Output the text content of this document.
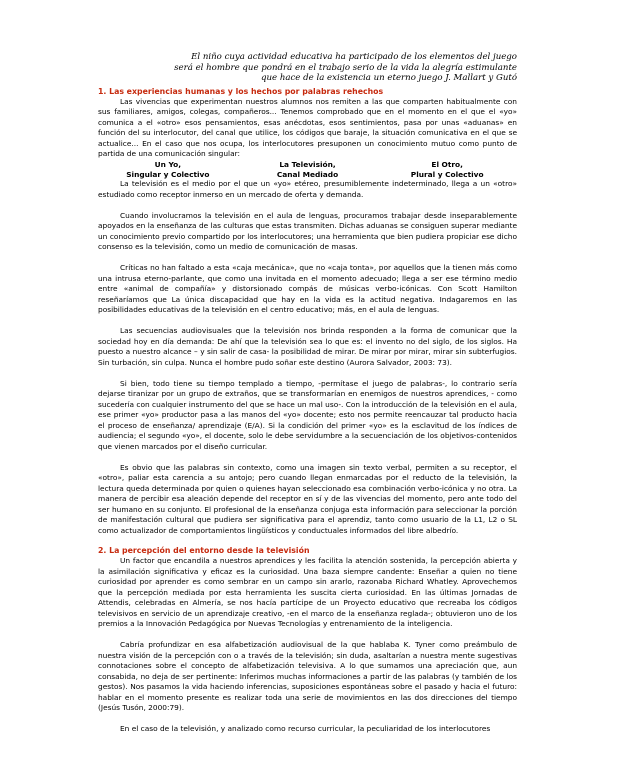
El niño cuya actividad educativa ha participado de los elementos del juego
será el hombre que pondrá en el trabajo serio de la vida la alegría estimulante
que hace de la existencia un eterno juego J. Mallart y Gutó
1. Las experiencias humanas y los hechos por palabras rehechos

Las vivencias que experimentan nuestros alumnos nos remiten a las que comparten habitualmente con sus familiares, amigos, colegas, compañeros... Tenemos comprobado que en el momento en el que el «yo» comunica a el «otro» esos pensamientos, esas anécdotas, esos sentimientos, pasa por unas «aduanas» en función del su interlocutor, del canal que utilice, los códigos que baraje, la situación comunicativa en el que se actualice... En el caso que nos ocupa, los interlocutores presuponen un conocimiento mutuo como punto de partida de una comunicación singular:

Un Yo,	La Televisión,	El Otro,
Singular y Colectivo	Canal Mediado	Plural y Colectivo

La televisión es el medio por el que un «yo» etéreo, presumiblemente indeterminado, llega a un «otro» estudiado como receptor inmerso en un mercado de oferta y demanda.

Cuando involucramos la televisión en el aula de lenguas, procuramos trabajar desde inseparablemente apoyados en la enseñanza de las culturas que estas transmiten. Dichas aduanas se consiguen superar mediante un conocimiento previo compartido por los interlocutores; una herramienta que bien pudiera propiciar ese dicho consenso es la televisión, como un medio de comunicación de masas.

Críticas no han faltado a esta «caja mecánica», que no «caja tonta», por aquellos que la tienen más como una intrusa eterno-parlante, que como una invitada en el momento adecuado; llega a ser ese término medio entre «animal de compañía» y distorsionado compás de músicas verbo-icónicas. Con Scott Hamilton reseñaríamos que La única discapacidad que hay en la vida es la actitud negativa. Indagaremos en las posibilidades educativas de la televisión en el centro educativo; más, en el aula de lenguas.

Las secuencias audiovisuales que la televisión nos brinda responden a la forma de comunicar que la sociedad hoy en día demanda: De ahí que la televisión sea lo que es: el invento no del siglo, de los siglos. Ha puesto a nuestro alcance – y sin salir de casa- la posibilidad de mirar. De mirar por mirar, mirar sin subterfugios. Sin turbación, sin culpa. Nunca el hombre pudo soñar este destino (Aurora Salvador, 2003: 73).

Si bien, todo tiene su tiempo templado a tiempo, -permítase el juego de palabras-, lo contrario sería dejarse tiranizar por un grupo de extraños, que se transformarían en enemigos de nuestros aprendices, - como sucedería con cualquier instrumento del que se hace un mal uso-. Con la introducción de la televisión en el aula, ese primer «yo» productor pasa a las manos del «yo» docente; esto nos permite reencauzar tal producto hacia el proceso de enseñanza/ aprendizaje (E/A). Si la condición del primer «yo» es la esclavitud de los índices de audiencia; el segundo «yo», el docente, solo le debe servidumbre a la secuenciación de los objetivos-contenidos que vienen marcados por el diseño curricular.

Es obvio que las palabras sin contexto, como una imagen sin texto verbal, permiten a su receptor, el «otro», paliar esta carencia a su antojo; pero cuando llegan enmarcadas por el reducto de la televisión, la lectura queda determinada por quien o quienes hayan seleccionado esa combinación verbo-icónica y no otra. La manera de percibir esa aleación depende del receptor en sí y de las vivencias del momento, pero ante todo del ser humano en su conjunto. El profesional de la enseñanza conjuga esta información para seleccionar la porción de manifestación cultural que pudiera ser significativa para el aprendiz, tanto como usuario de la L1, L2 o SL como actualizador de comportamientos lingüísticos y conductuales informados del libre albedrío.

2. La percepción del entorno desde la televisión

Un factor que encandila a nuestros aprendices y les facilita la atención sostenida, la percepción abierta y la asimilación significativa y eficaz es la curiosidad. Una baza siempre candente: Enseñar a quien no tiene curiosidad por aprender es como sembrar en un campo sin ararlo, razonaba Richard Whatley. Aprovechemos que la percepción mediada por esta herramienta les suscita cierta curiosidad. En las últimas Jornadas de Attendis, celebradas en Almería, se nos hacía partícipe de un Proyecto educativo que recreaba los códigos televisivos en servicio de un aprendizaje creativo, -en el marco de la enseñanza reglada-; obtuvieron uno de los premios a la Innovación Pedagógica por Nuevas Tecnologías y entrenamiento de la inteligencia.

Cabría profundizar en esa alfabetización audiovisual de la que hablaba K. Tyner como preámbulo de nuestra visión de la percepción con o a través de la televisión; sin duda, asaltarían a nuestra mente sugestivas connotaciones sobre el concepto de alfabetización televisiva. A lo que sumamos una apreciación que, aun consabida, no deja de ser pertinente: Inferimos muchas informaciones a partir de las palabras (y también de los gestos). Nos pasamos la vida haciendo inferencias, suposiciones espontáneas sobre el pasado y hacia el futuro: hablar en el momento presente es realizar toda una serie de movimientos en las dos direcciones del tiempo (Jesús Tusón, 2000:79).

En el caso de la televisión, y analizado como recurso curricular, la peculiaridad de los interlocutores
